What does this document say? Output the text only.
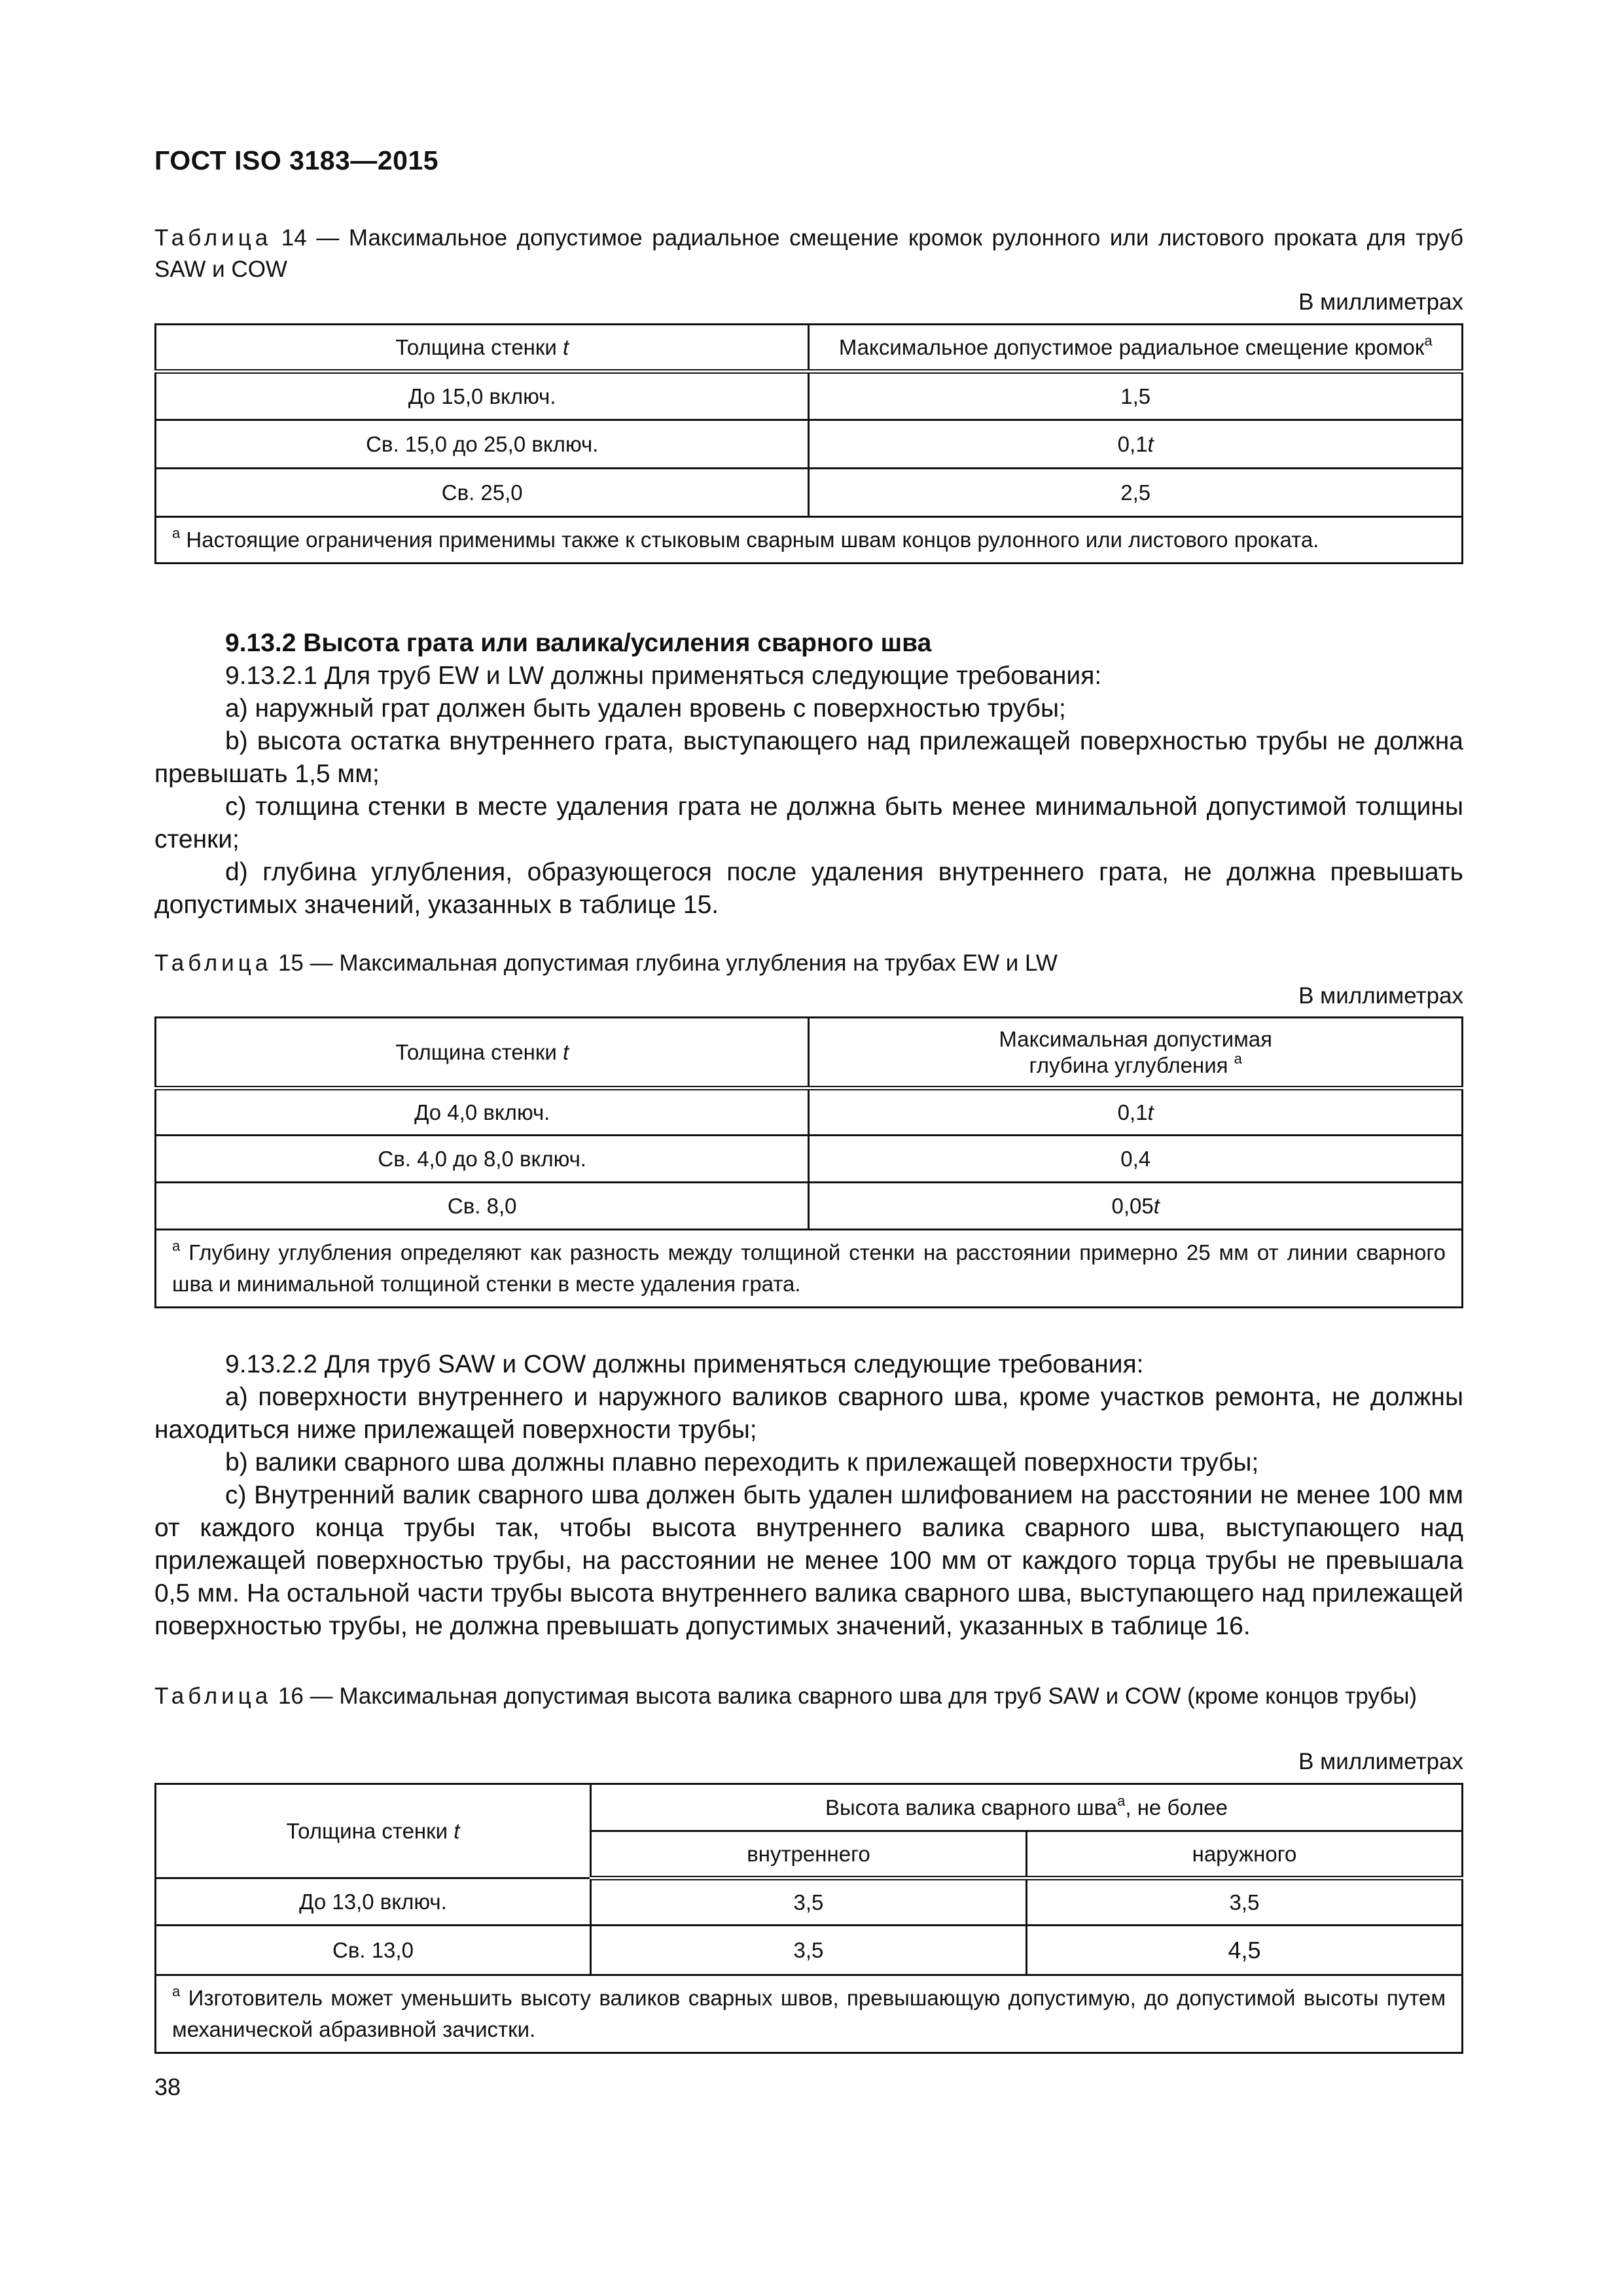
ГОСТ ISO 3183—2015
Таблица 14 — Максимальное допустимое радиальное смещение кромок рулонного или листового проката для труб SAW и COW
В миллиметрах
Толщина стенки t	Максимальное допустимое радиальное смещение кромок$^a$
До 15,0 включ.	1,5
Св. 15,0 до 25,0 включ.	0,1t
Св. 25,0	2,5
$^a$ Настоящие ограничения применимы также к стыковым сварным швам концов рулонного или листового проката.	

9.13.2 Высота грата или валика/усиления сварного шва

9.13.2.1 Для труб EW и LW должны применяться следующие требования:

a) наружный грат должен быть удален вровень с поверхностью трубы;

b) высота остатка внутреннего грата, выступающего над прилежащей поверхностью трубы не должна превышать 1,5 мм;

c) толщина стенки в месте удаления грата не должна быть менее минимальной допустимой толщины стенки;

d) глубина углубления, образующегося после удаления внутреннего грата, не должна превышать допустимых значений, указанных в таблице 15.

Таблица 15 — Максимальная допустимая глубина углубления на трубах EW и LW
В миллиметрах
Толщина стенки t	Максимальная допустимая
глубина углубления $^a$
До 4,0 включ.	0,1t
Св. 4,0 до 8,0 включ.	0,4
Св. 8,0	0,05t
$^a$ Глубину углубления определяют как разность между толщиной стенки на расстоянии примерно 25 мм от линии сварного шва и минимальной толщиной стенки в месте удаления грата.	

9.13.2.2 Для труб SAW и COW должны применяться следующие требования:

a) поверхности внутреннего и наружного валиков сварного шва, кроме участков ремонта, не должны находиться ниже прилежащей поверхности трубы;

b) валики сварного шва должны плавно переходить к прилежащей поверхности трубы;

c) Внутренний валик сварного шва должен быть удален шлифованием на расстоянии не менее 100 мм от каждого конца трубы так, чтобы высота внутреннего валика сварного шва, выступающего над прилежащей поверхностью трубы, на расстоянии не менее 100 мм от каждого торца трубы не превышала 0,5 мм. На остальной части трубы высота внутреннего валика сварного шва, выступающего над прилежащей поверхностью трубы, не должна превышать допустимых значений, указанных в таблице 16.

Таблица 16 — Максимальная допустимая высота валика сварного шва для труб SAW и COW (кроме концов трубы)
В миллиметрах
Толщина стенки t	Высота валика сварного шва$^a$, не более	
	внутреннего	наружного
До 13,0 включ.	3,5	3,5
Св. 13,0	3,5	4,5
$^a$ Изготовитель может уменьшить высоту валиков сварных швов, превышающую допустимую, до допустимой высоты путем механической абразивной зачистки.		
38
